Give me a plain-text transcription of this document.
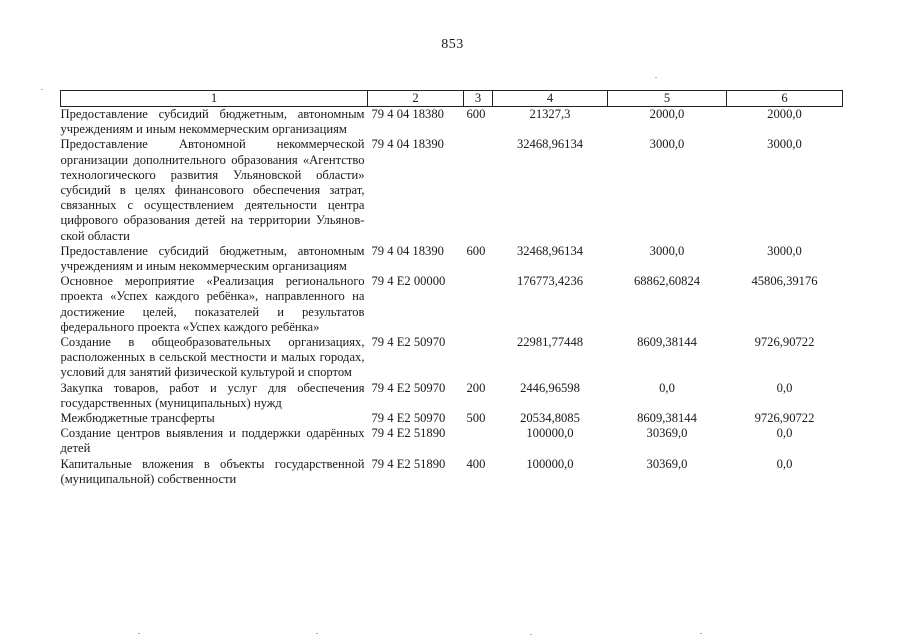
853
1	2	3	4	5	6
Предоставление субсидий бюджетным, автономным учреждениям и иным некоммерческим организациям	79 4 04 18380	600	21327,3	2000,0	2000,0
Предоставление Автономной некоммерческой организации дополнительного образования «Агентство технологического развития Ульяновской области» субсидий в целях финансового обеспечения затрат, связанных с осуществлением деятельности центра цифрового образования детей на территории Ульяновской области	79 4 04 18390		32468,96134	3000,0	3000,0
Предоставление субсидий бюджетным, автономным учреждениям и иным некоммерческим организациям	79 4 04 18390	600	32468,96134	3000,0	3000,0
Основное мероприятие «Реализация регионального проекта «Успех каждого ребёнка», направленного на достижение целей, показателей и результатов федерального проекта «Успех каждого ребёнка»	79 4 E2 00000		176773,4236	68862,60824	45806,39176
Создание в общеобразовательных организациях, расположенных в сельской местности и малых городах, условий для занятий физической культурой и спортом	79 4 E2 50970		22981,77448	8609,38144	9726,90722
Закупка товаров, работ и услуг для обеспечения государственных (муниципальных) нужд	79 4 E2 50970	200	2446,96598	0,0	0,0
Межбюджетные трансферты	79 4 E2 50970	500	20534,8085	8609,38144	9726,90722
Создание центров выявления и поддержки одарённых детей	79 4 E2 51890		100000,0	30369,0	0,0
Капитальные вложения в объекты государственной (муниципальной) собственности	79 4 E2 51890	400	100000,0	30369,0	0,0
